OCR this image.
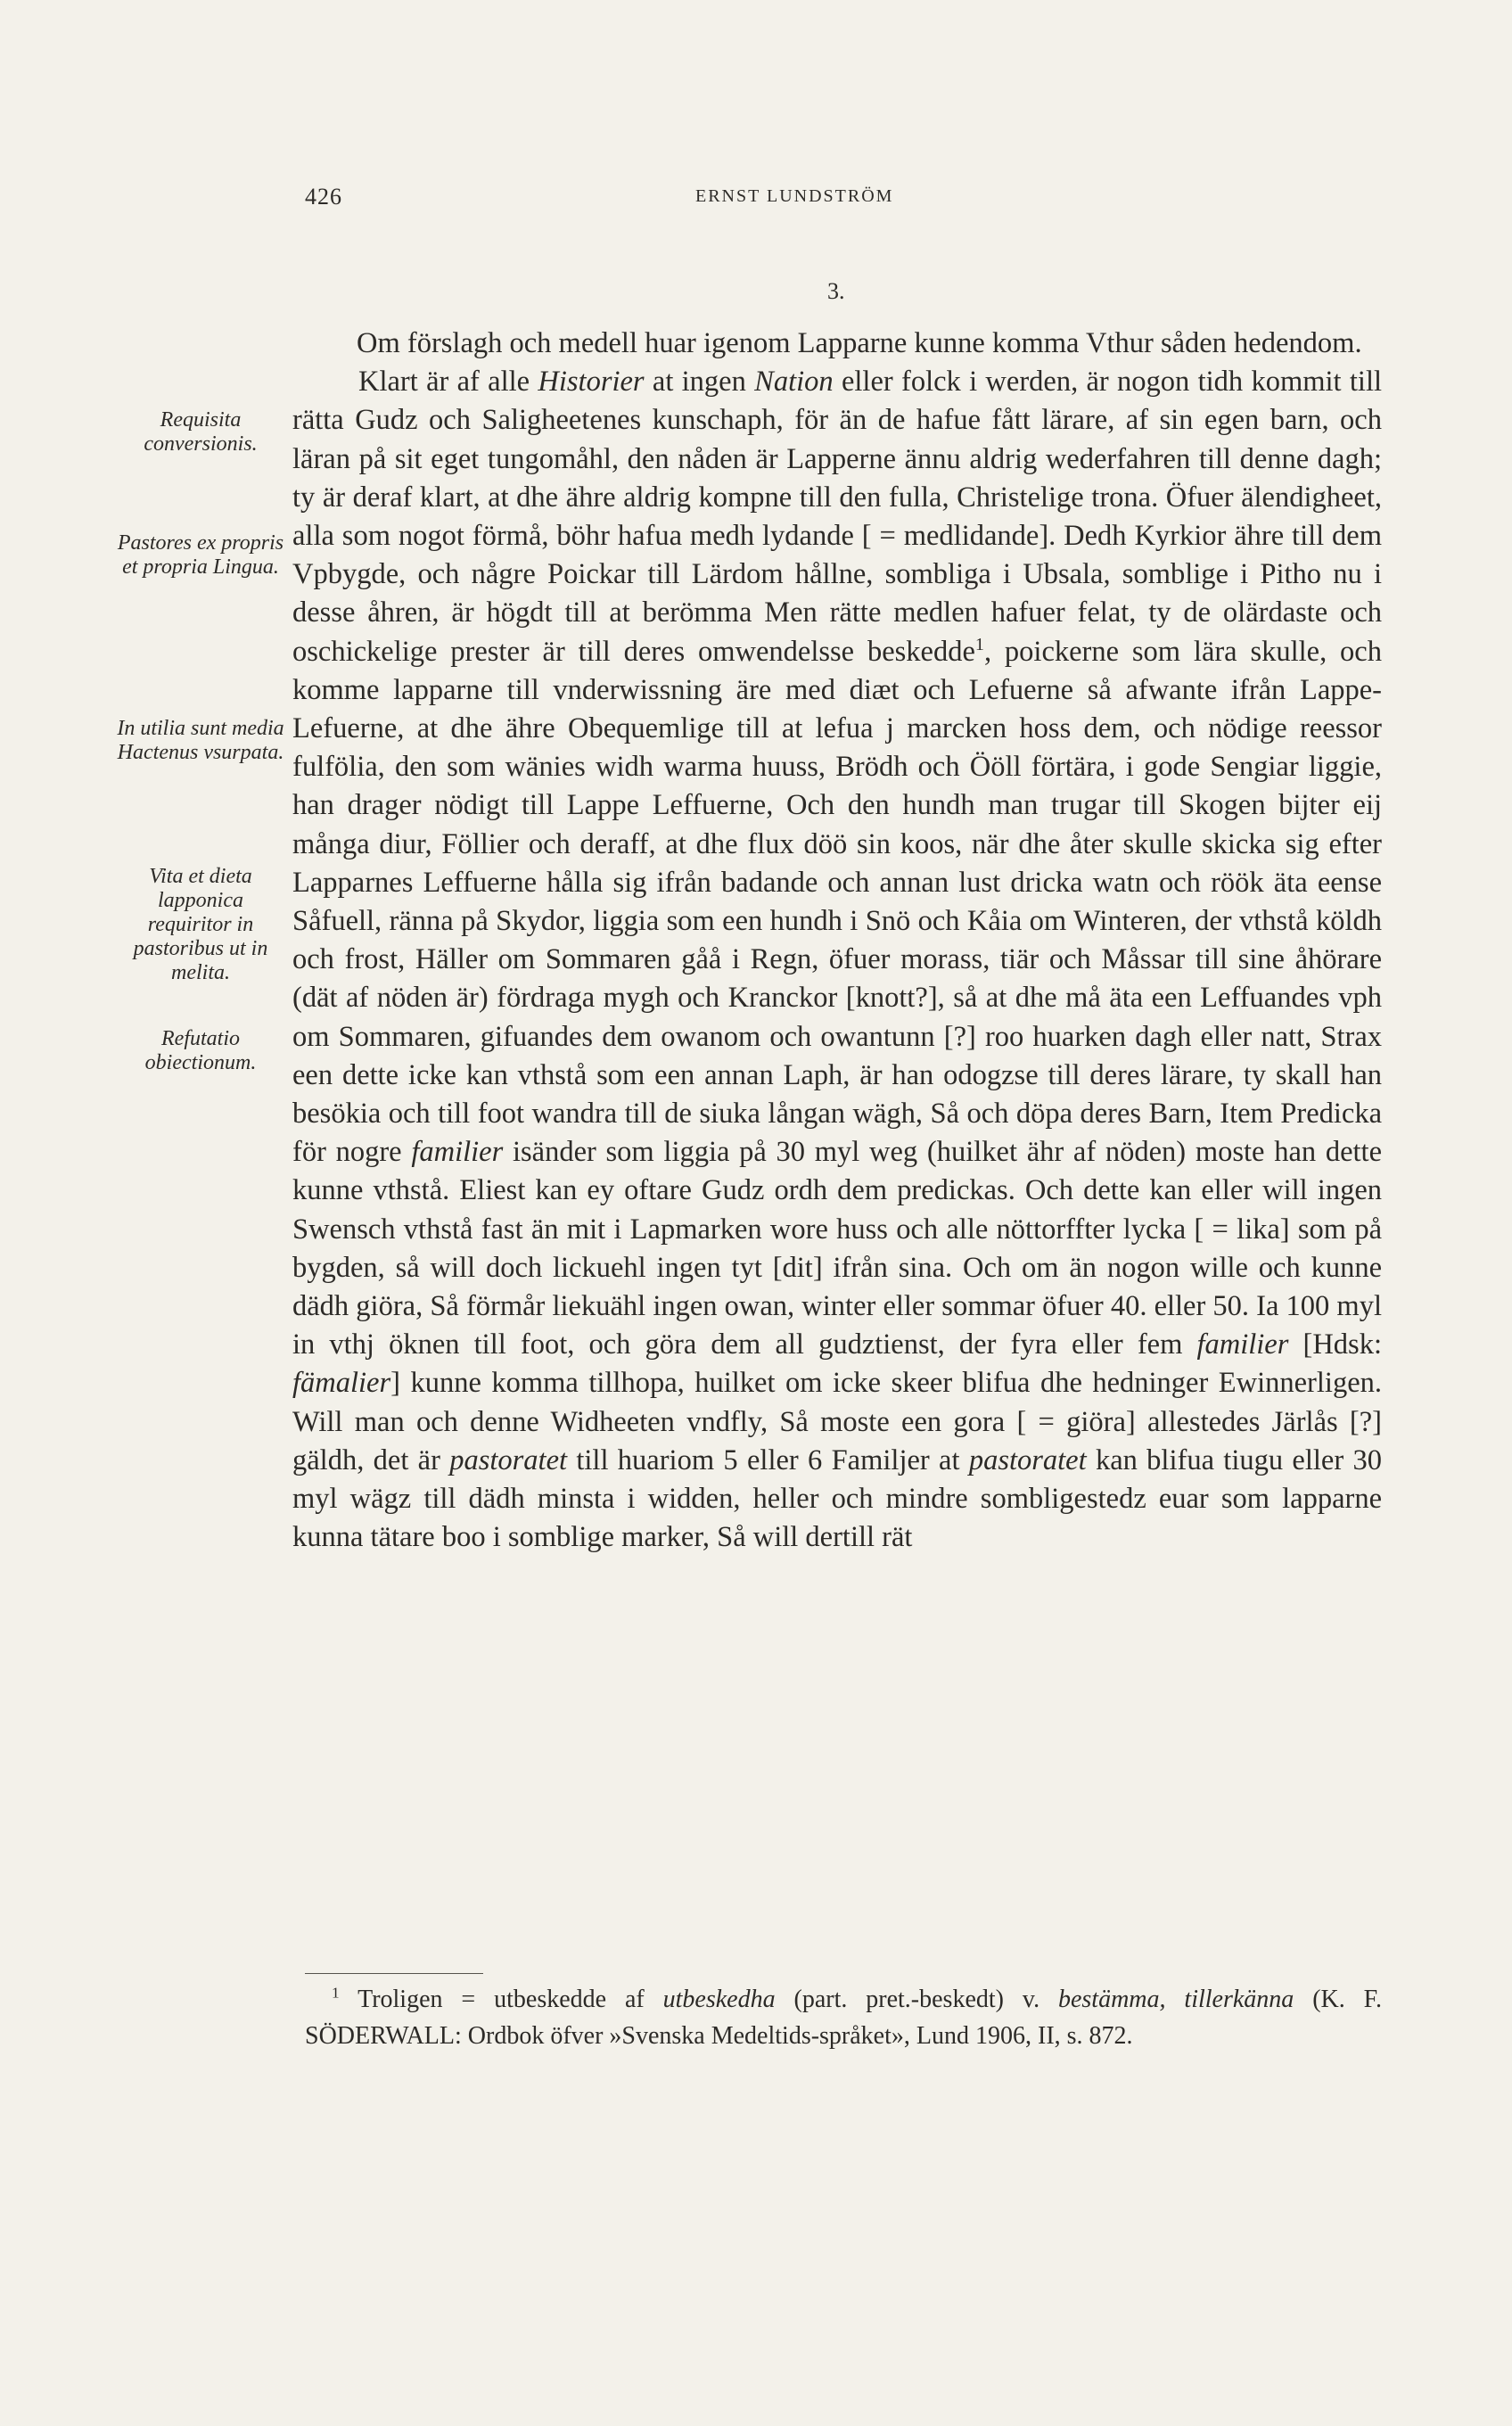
426	ERNST LUNDSTRÖM
3.

Om förslagh och medell huar igenom Lapparne kunne komma Vthur såden hedendom.

Klart är af alle Historier at ingen Nation eller folck i werden, är nogon tidh kommit till rätta Gudz och Saligheetenes kunschaph, för än de hafue fått lärare, af sin egen barn, och läran på sit eget tungomåhl, den nåden är Lapperne ännu aldrig wederfahren till denne dagh; ty är deraf klart, at dhe ähre aldrig kompne till den fulla, Christelige trona. Öfuer älendigheet, alla som nogot förmå, böhr hafua medh lydande [ = medlidande]. Dedh Kyrkior ähre till dem Vpbygde, och någre Poickar till Lärdom hållne, sombliga i Ubsala, somblige i Pitho nu i desse åhren, är högdt till at berömma Men rätte medlen hafuer felat, ty de olärdaste och oschickelige prester är till deres omwendelsse beskedde$^1$, poickerne som lära skulle, och komme lapparne till vnderwissning äre med diæt och Lefuerne så afwante ifrån Lappe-Lefuerne, at dhe ähre Obequemlige till at lefua j marcken hoss dem, och nödige reessor fulfölia, den som wänies widh warma huuss, Brödh och Ööll förtära, i gode Sengiar liggie, han drager nödigt till Lappe Leffuerne, Och den hundh man trugar till Skogen bijter eij många diur, Föllier och deraff, at dhe flux döö sin koos, när dhe åter skulle skicka sig efter Lapparnes Leffuerne hålla sig ifrån badande och annan lust dricka watn och röök äta eense Såfuell, ränna på Skydor, liggia som een hundh i Snö och Kåia om Winteren, der vthstå köldh och frost, Häller om Sommaren gåå i Regn, öfuer morass, tiär och Måssar till sine åhörare (dät af nöden är) fördraga mygh och Kranckor [knott?], så at dhe må äta een Leffuandes vph om Sommaren, gifuandes dem owanom och owantunn [?] roo huarken dagh eller natt, Strax een dette icke kan vthstå som een annan Laph, är han odogzse till deres lärare, ty skall han besökia och till foot wandra till de siuka långan wägh, Så och döpa deres Barn, Item Predicka för nogre familier isänder som liggia på 30 myl weg (huilket ähr af nöden) moste han dette kunne vthstå. Eliest kan ey oftare Gudz ordh dem predickas. Och dette kan eller will ingen Swensch vthstå fast än mit i Lapmarken wore huss och alle nöttorffter lycka [ = lika] som på bygden, så will doch lickuehl ingen tyt [dit] ifrån sina. Och om än nogon wille och kunne dädh giöra, Så förmår liekuähl ingen owan, winter eller sommar öfuer 40. eller 50. Ia 100 myl in vthj öknen till foot, och göra dem all gudztienst, der fyra eller fem familier [Hdsk: fämalier] kunne komma tillhopa, huilket om icke skeer blifua dhe hedninger Ewinnerligen. Will man och denne Widheeten vndfly, Så moste een gora [ = giöra] allestedes Järlås [?] gäldh, det är pastoratet till huariom 5 eller 6 Familjer at pastoratet kan blifua tiugu eller 30 myl wägz till dädh minsta i widden, heller och mindre sombligestedz euar som lapparne kunna tätare boo i somblige marker, Så will dertill rät

Requisita conversionis.
Pastores ex propris et propria Lingua.
In utilia sunt media Hactenus vsurpata.
Vita et dieta lapponica requiritor in pastoribus ut in melita.
Refutatio obiectionum.

$^1$ Troligen = utbeskedde af utbeskedha (part. pret.-beskedt) v. bestämma, tillerkänna (K. F. SÖDERWALL: Ordbok öfver »Svenska Medeltids-språket», Lund 1906, II, s. 872.
